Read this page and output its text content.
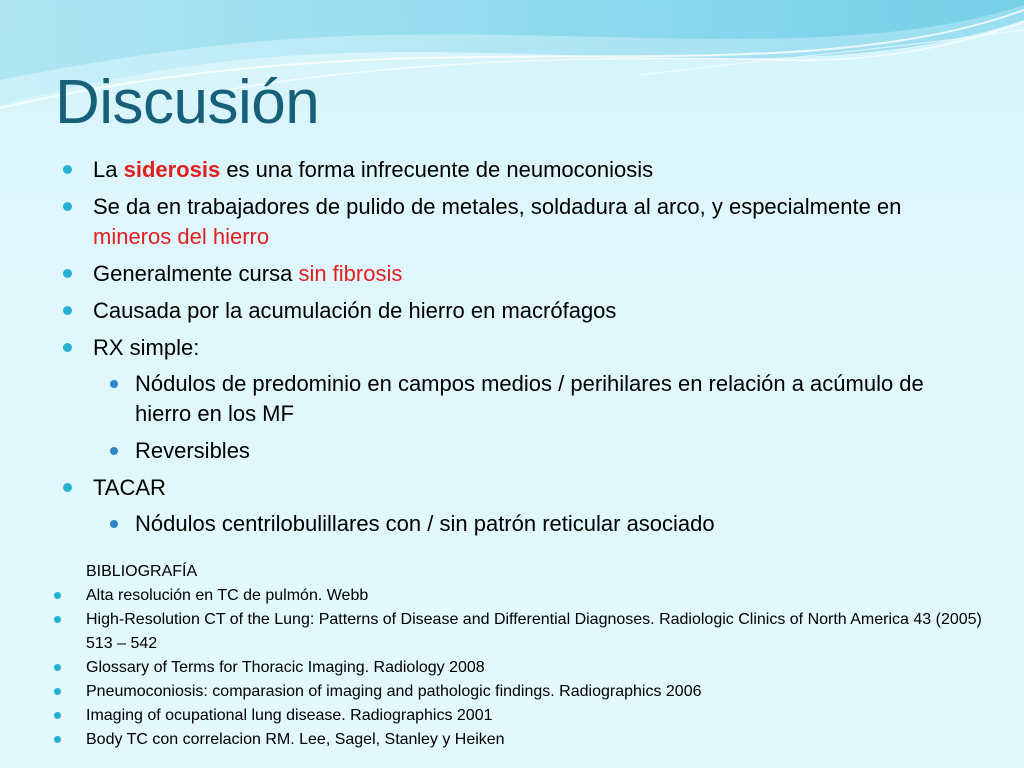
Discusión
La siderosis es una forma infrecuente de neumoconiosis
Se da en trabajadores de pulido de metales, soldadura al arco, y especialmente en mineros del hierro
Generalmente cursa sin fibrosis
Causada por la acumulación de hierro en macrófagos
RX simple:
Nódulos de predominio en campos medios / perihilares en relación a acúmulo de hierro en los MF
Reversibles
TACAR
Nódulos centrilobulillares con / sin patrón reticular asociado

BIBLIOGRAFÍA

Alta resolución en TC de pulmón. Webb
High-Resolution CT of the Lung: Patterns of Disease and Differential Diagnoses. Radiologic Clinics of North America 43 (2005) 513 – 542
Glossary of Terms for Thoracic Imaging. Radiology 2008
Pneumoconiosis: comparasion of imaging and pathologic findings. Radiographics 2006
Imaging of ocupational lung disease. Radiographics 2001
Body TC con correlacion RM. Lee, Sagel, Stanley y Heiken
